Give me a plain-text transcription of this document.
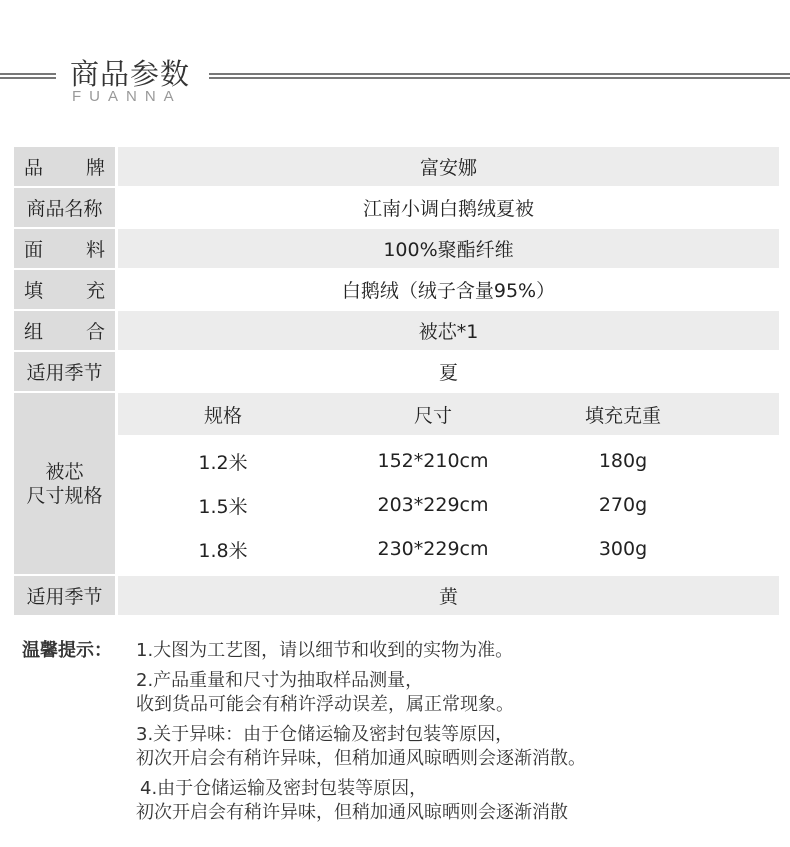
商品参数
FUANNA
品 牌	富安娜
商品名称	江南小调白鹅绒夏被
面 料	100%聚酯纤维
填 充	白鹅绒（绒子含量95%）
组 合	被芯*1
适用季节	夏
被芯
尺寸规格
规格	尺寸	填充克重
1.2米	152*210cm	180g
1.5米	203*229cm	270g
1.8米	230*229cm	300g
适用季节	黄
温馨提示： 1.大图为工艺图，请以细节和收到的实物为准。
2.产品重量和尺寸为抽取样品测量，
收到货品可能会有稍许浮动误差，属正常现象。
3.关于异味：由于仓储运输及密封包装等原因，
初次开启会有稍许异味，但稍加通风晾晒则会逐渐消散。
4.由于仓储运输及密封包装等原因，
初次开启会有稍许异味，但稍加通风晾晒则会逐渐消散
